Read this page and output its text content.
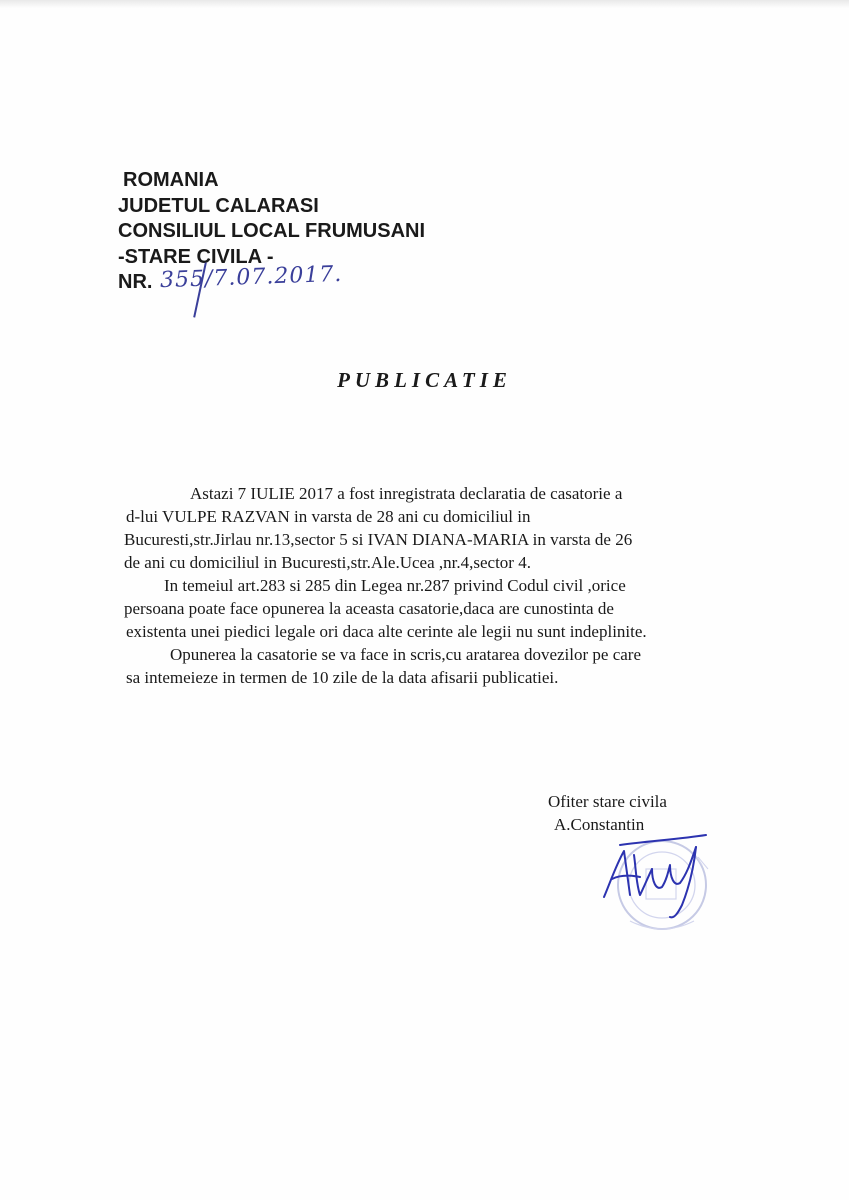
ROMANIA
JUDETUL CALARASI
CONSILIUL LOCAL FRUMUSANI
-STARE CIVILA -
NR. 355/7.07.2017.
PUBLICATIE
Astazi 7 IULIE 2017 a fost inregistrata declaratia de casatorie a
d-lui VULPE RAZVAN in varsta de 28 ani cu domiciliul in
Bucuresti,str.Jirlau nr.13,sector 5 si IVAN DIANA-MARIA in varsta de 26
de ani cu domiciliul in Bucuresti,str.Ale.Ucea ,nr.4,sector 4.
In temeiul art.283 si 285 din Legea nr.287 privind Codul civil ,orice
persoana poate face opunerea la aceasta casatorie,daca are cunostinta de
existenta unei piedici legale ori daca alte cerinte ale legii nu sunt indeplinite.
Opunerea la casatorie se va face in scris,cu aratarea dovezilor pe care
sa intemeieze in termen de 10 zile de la data afisarii publicatiei.
Ofiter stare civila
A.Constantin
